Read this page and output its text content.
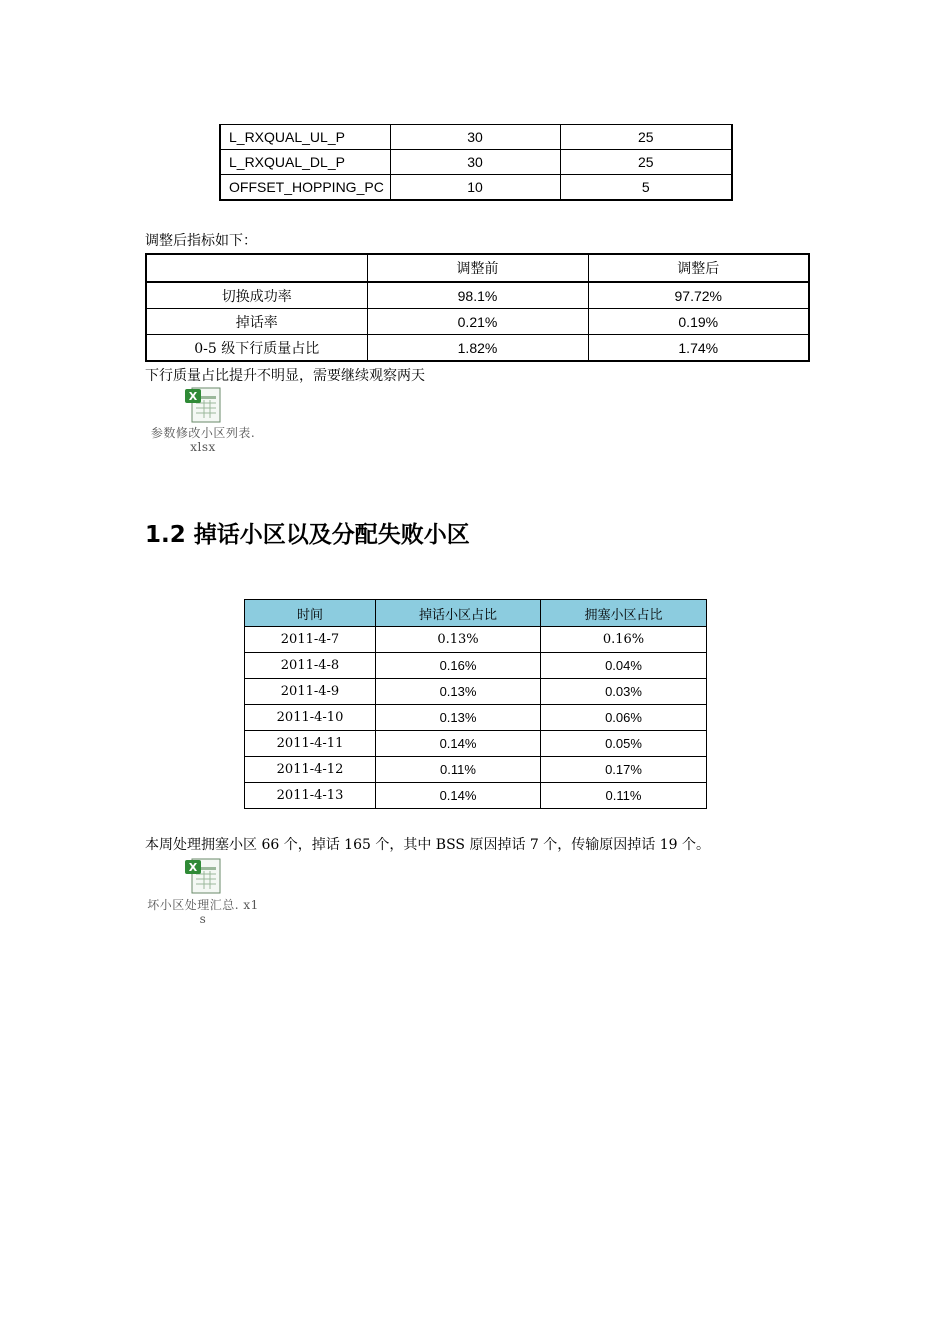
L_RXQUAL_UL_P	30	25
L_RXQUAL_DL_P	30	25
OFFSET_HOPPING_PC	10	5
调整后指标如下：
	调整前	调整后
切换成功率	98.1%	97.72%
掉话率	0.21%	0.19%
0-5 级下行质量占比	1.82%	1.74%
下行质量占比提升不明显，需要继续观察两天
X
参数修改小区列表.
xlsx
1.2 掉话小区以及分配失败小区
时间	掉话小区占比	拥塞小区占比
2011-4-7	0.13%	0.16%
2011-4-8	0.16%	0.04%
2011-4-9	0.13%	0.03%
2011-4-10	0.13%	0.06%
2011-4-11	0.14%	0.05%
2011-4-12	0.11%	0.17%
2011-4-13	0.14%	0.11%
本周处理拥塞小区 66 个，掉话 165 个，其中 BSS 原因掉话 7 个，传输原因掉话 19 个。
X
坏小区处理汇总. x1
s
